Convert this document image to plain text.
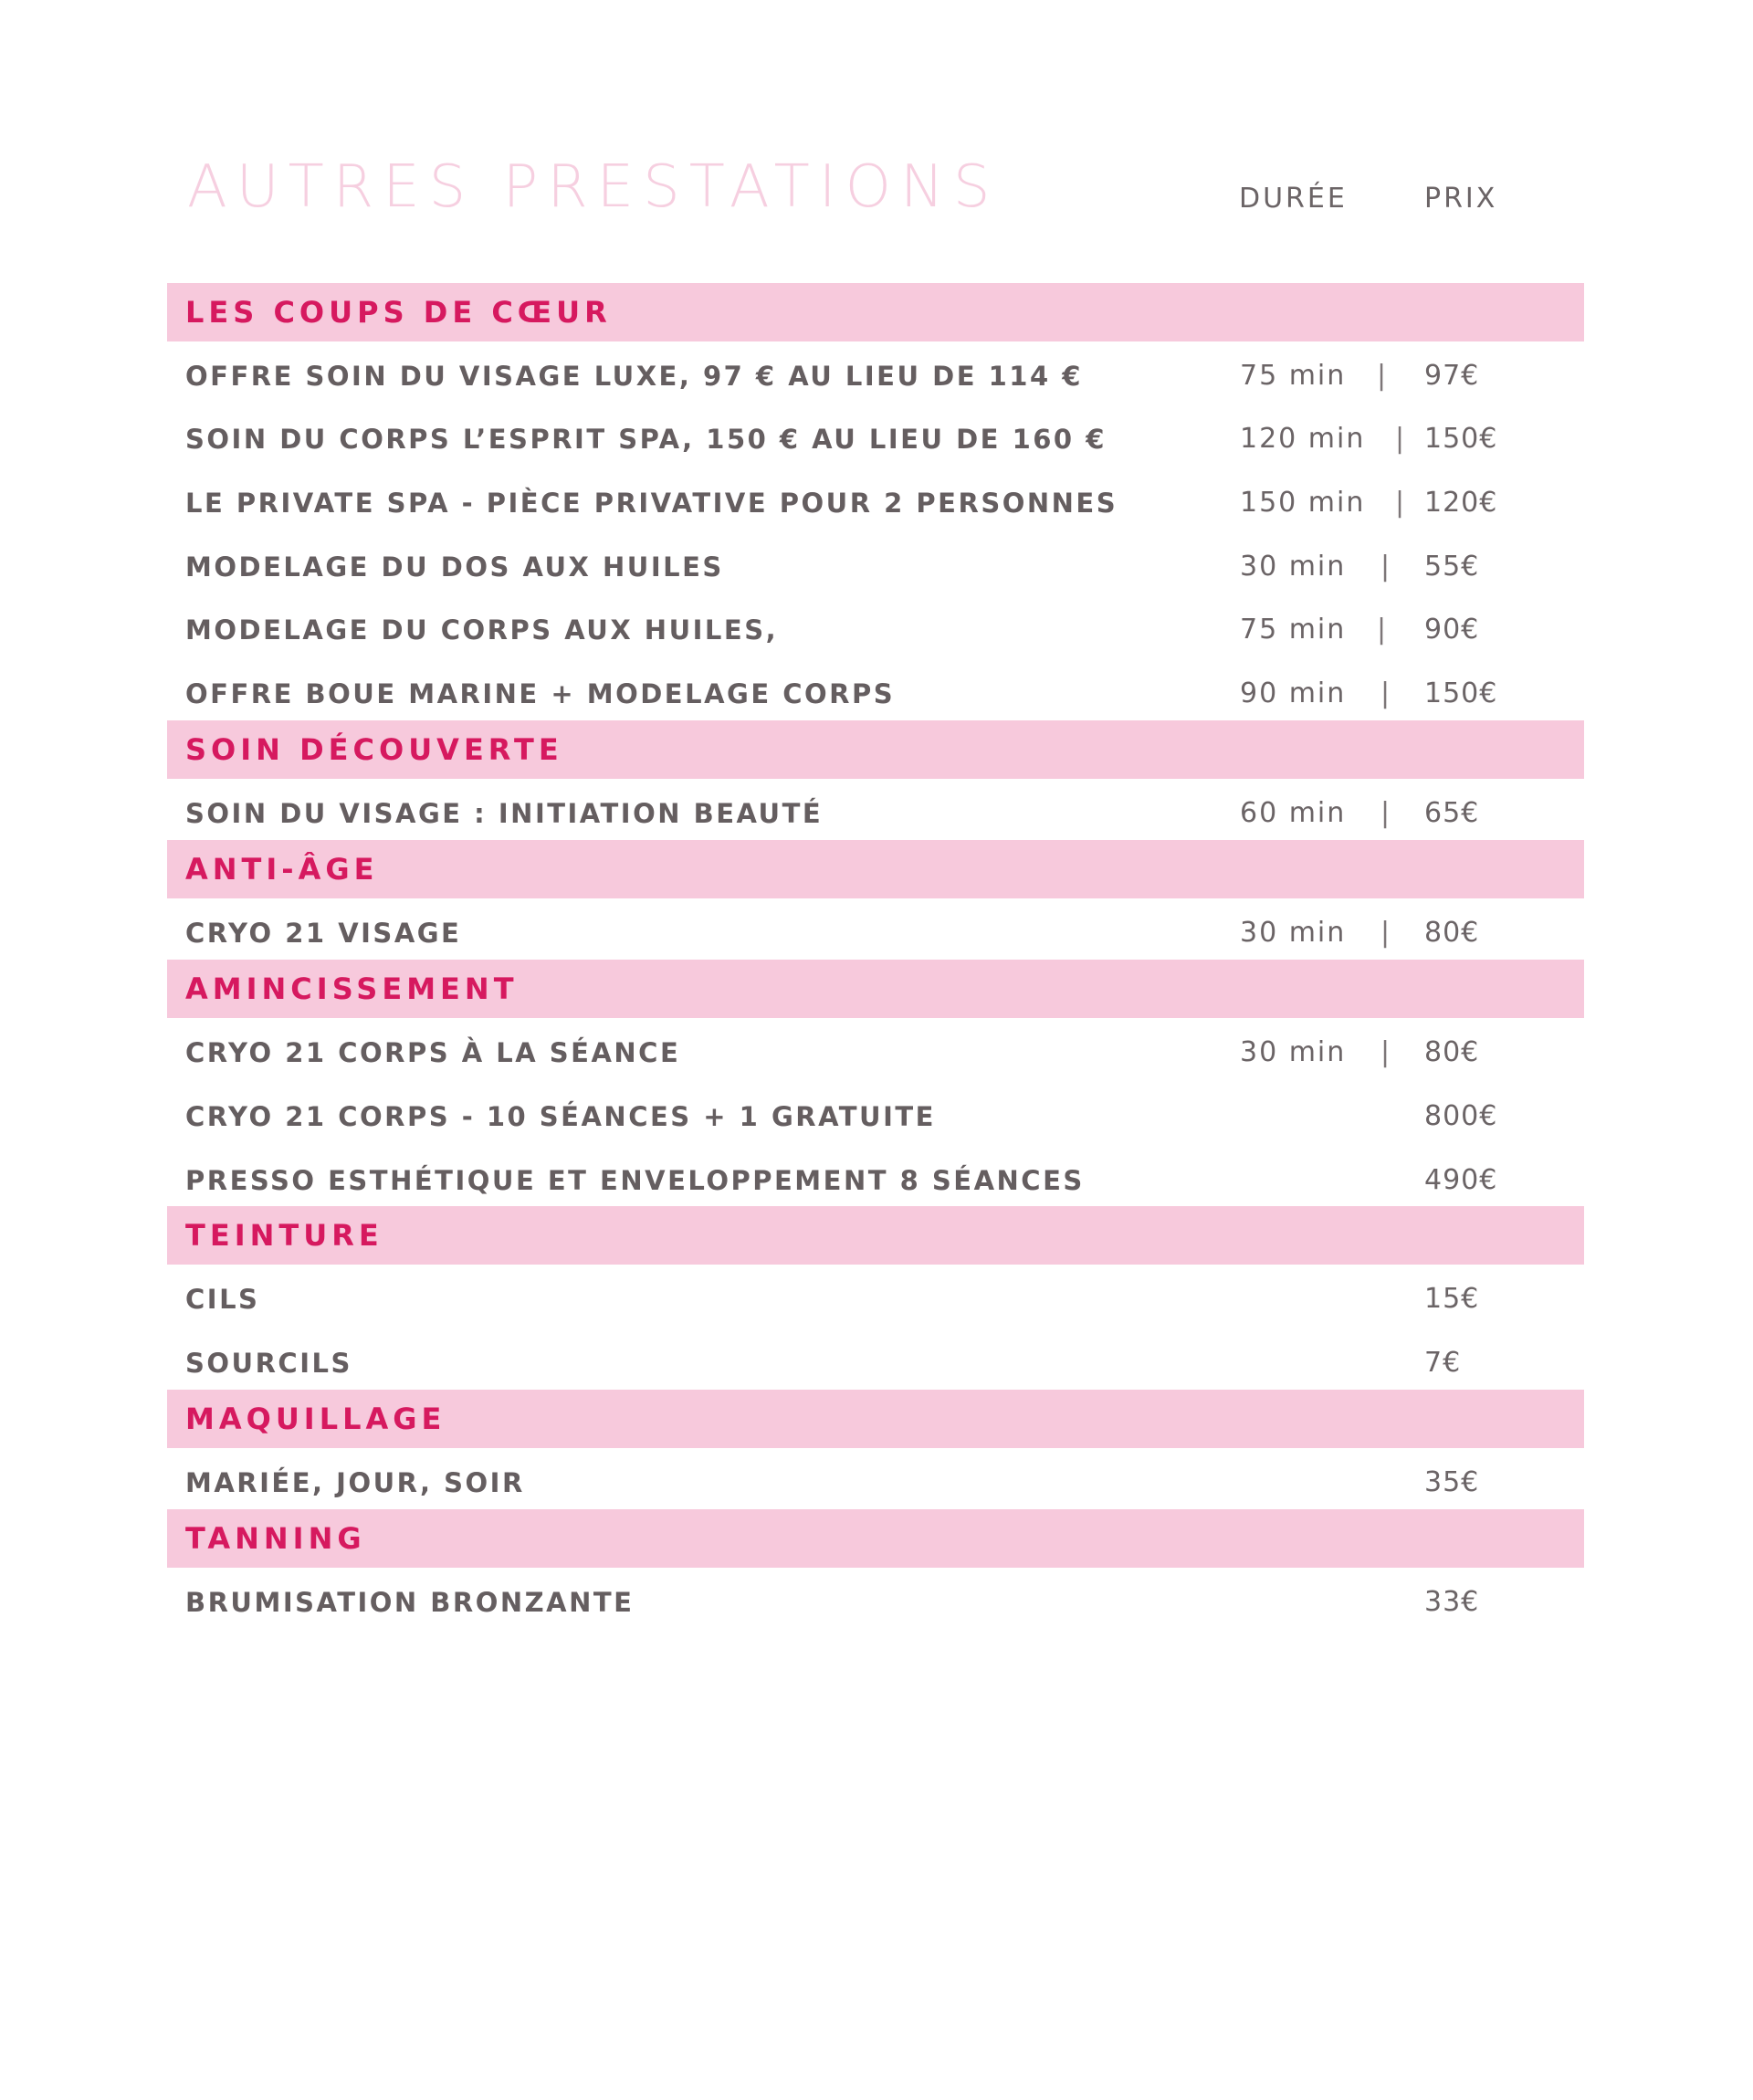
AUTRES PRESTATIONS	DURÉE	PRIX
LES COUPS DE CŒUR
OFFRE SOIN DU VISAGE LUXE, 97 € AU LIEU DE 114 €	75 min | 97€
SOIN DU CORPS L’ESPRIT SPA, 150 € AU LIEU DE 160 €	120 min | 150€
LE PRIVATE SPA - PIÈCE PRIVATIVE POUR 2 PERSONNES	150 min | 120€
MODELAGE DU DOS AUX HUILES	30 min | 55€
MODELAGE DU CORPS AUX HUILES,	75 min | 90€
OFFRE BOUE MARINE + MODELAGE CORPS	90 min | 150€
SOIN DÉCOUVERTE
SOIN DU VISAGE : INITIATION BEAUTÉ	60 min | 65€
ANTI-ÂGE
CRYO 21 VISAGE	30 min | 80€
AMINCISSEMENT
CRYO 21 CORPS À LA SÉANCE	30 min | 80€
CRYO 21 CORPS - 10 SÉANCES + 1 GRATUITE	800€
PRESSO ESTHÉTIQUE ET ENVELOPPEMENT 8 SÉANCES	490€
TEINTURE
CILS	15€
SOURCILS	7€
MAQUILLAGE
MARIÉE, JOUR, SOIR	35€
TANNING
BRUMISATION BRONZANTE	33€
